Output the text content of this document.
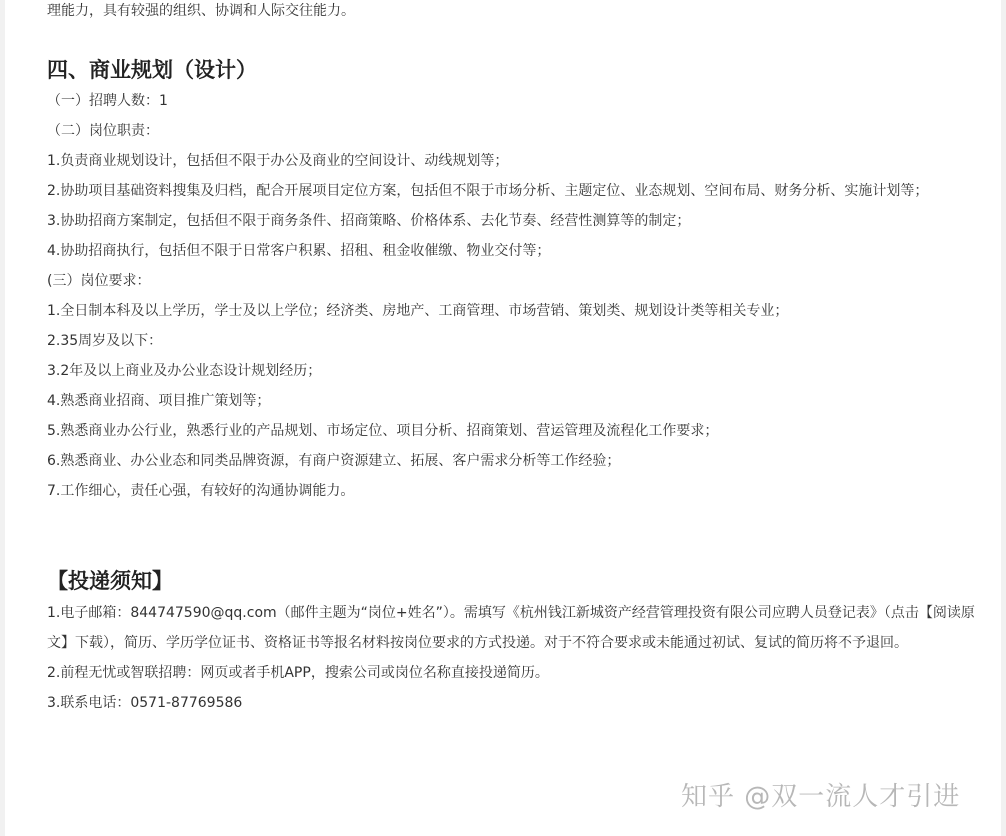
理能力，具有较强的组织、协调和人际交往能力。

四、商业规划（设计）

（一）招聘人数：1

（二）岗位职责：

1.负责商业规划设计，包括但不限于办公及商业的空间设计、动线规划等；

2.协助项目基础资料搜集及归档，配合开展项目定位方案，包括但不限于市场分析、主题定位、业态规划、空间布局、财务分析、实施计划等；

3.协助招商方案制定，包括但不限于商务条件、招商策略、价格体系、去化节奏、经营性测算等的制定；

4.协助招商执行，包括但不限于日常客户积累、招租、租金收催缴、物业交付等；

(三）岗位要求：

1.全日制本科及以上学历，学士及以上学位；经济类、房地产、工商管理、市场营销、策划类、规划设计类等相关专业；

2.35周岁及以下：

3.2年及以上商业及办公业态设计规划经历；

4.熟悉商业招商、项目推广策划等；

5.熟悉商业办公行业，熟悉行业的产品规划、市场定位、项目分析、招商策划、营运管理及流程化工作要求；

6.熟悉商业、办公业态和同类品牌资源，有商户资源建立、拓展、客户需求分析等工作经验；

7.工作细心，责任心强，有较好的沟通协调能力。

【投递须知】

1.电子邮箱：844747590@qq.com（邮件主题为“岗位+姓名”）。需填写《杭州钱江新城资产经营管理投资有限公司应聘人员登记表》（点击【阅读原文】下载），简历、学历学位证书、资格证书等报名材料按岗位要求的方式投递。对于不符合要求或未能通过初试、复试的简历将不予退回。

2.前程无忧或智联招聘：网页或者手机APP，搜索公司或岗位名称直接投递简历。

3.联系电话：0571-87769586

知乎 @双一流人才引进
